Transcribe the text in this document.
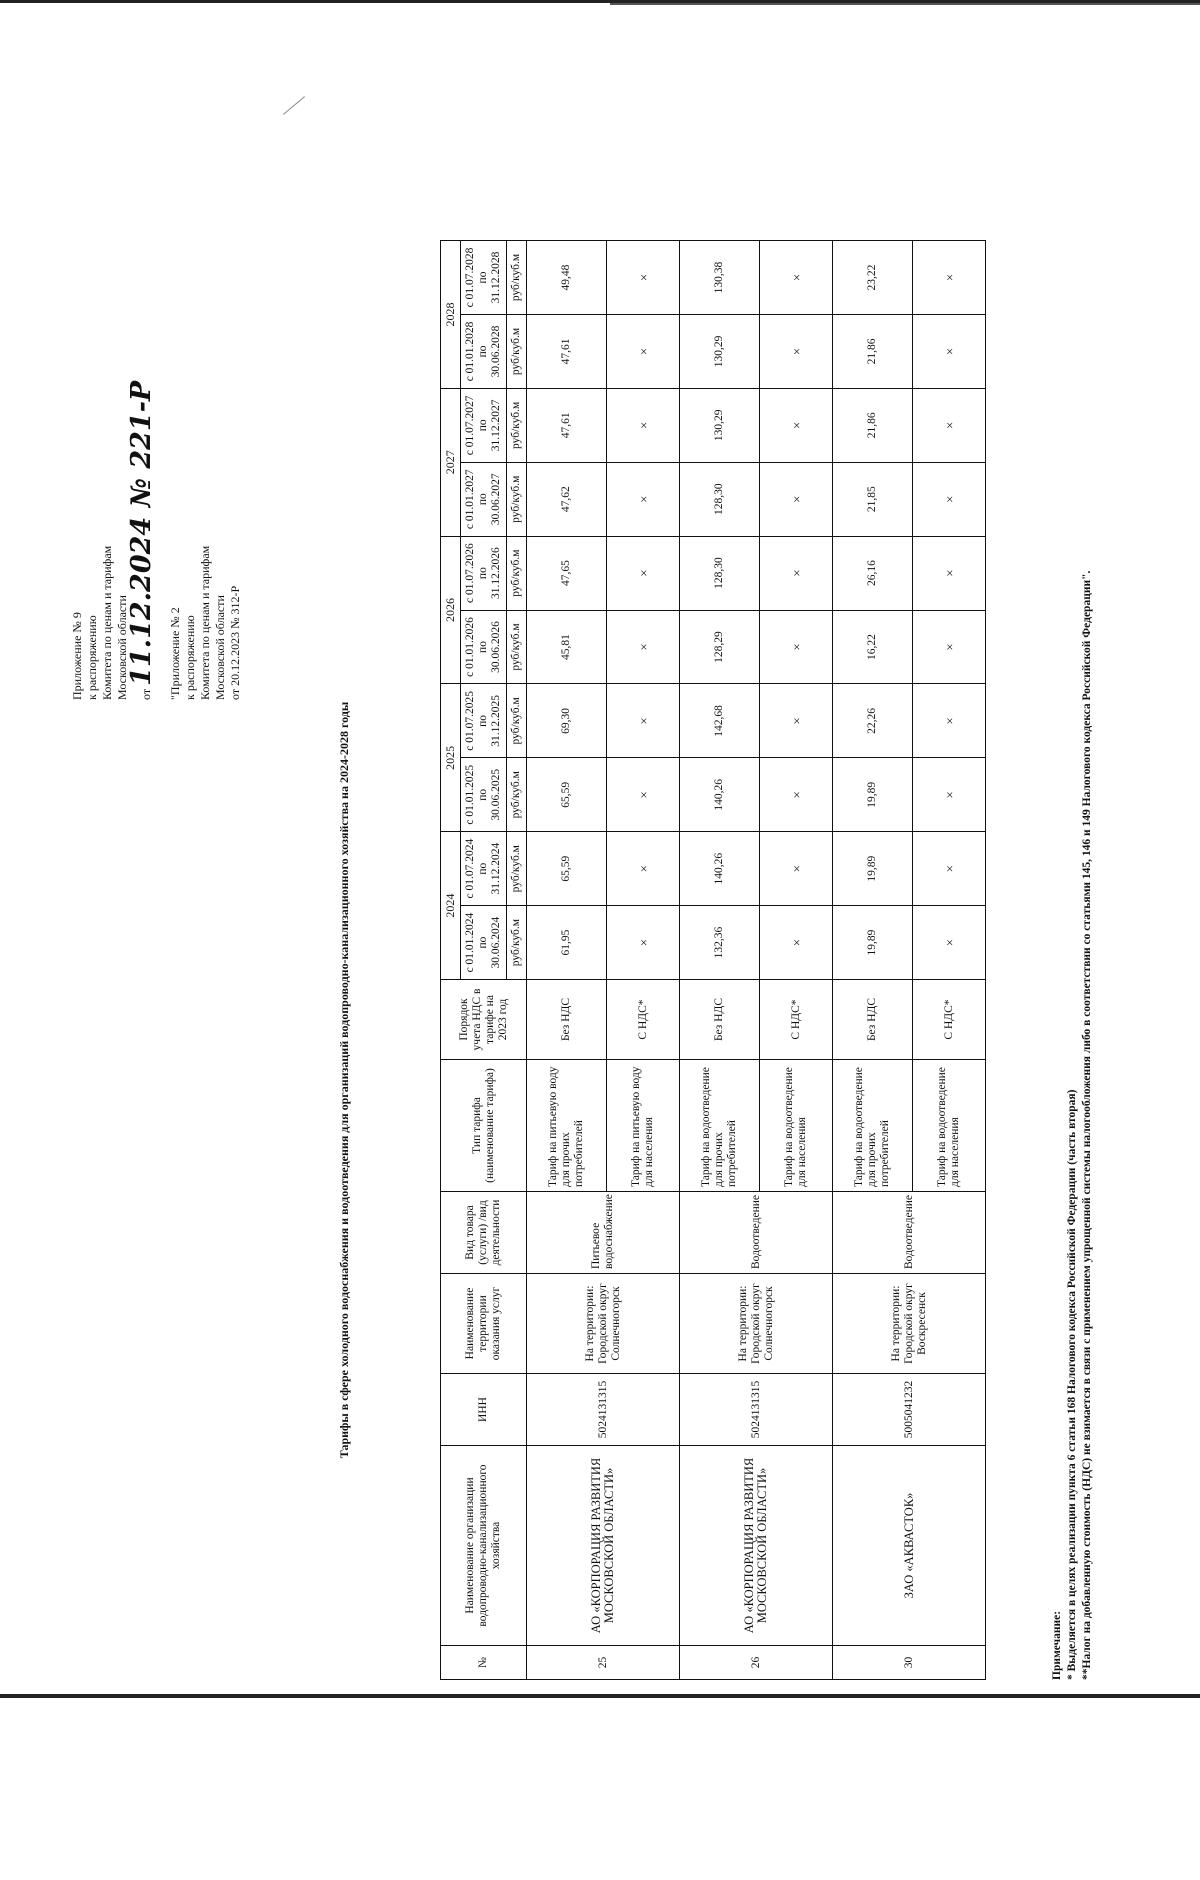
Приложение № 9 к распоряжению Комитета по ценам и тарифам Московской области от 11.12.2024 № 221-Р "Приложение № 2 к распоряжению Комитета по ценам и тарифам Московской области от 20.12.2023 № 312-Р
Тарифы в сфере холодного водоснабжения и водоотведения для организаций водопроводно-канализационного хозяйства на 2024-2028 годы
№	Наименование организации водопроводно-канализационного хозяйства	ИНН	Наименование территории оказания услуг	Вид товара (услуги) /вид деятельности	Тип тарифа (наименование тарифа)	Порядок учета НДС в тарифе на 2023 год	2024		2025		2026		2027		2028	
							с 01.01.2024 по 30.06.2024	с 01.07.2024 по 31.12.2024	с 01.01.2025 по 30.06.2025	с 01.07.2025 по 31.12.2025	с 01.01.2026 по 30.06.2026	с 01.07.2026 по 31.12.2026	с 01.01.2027 по 30.06.2027	с 01.07.2027 по 31.12.2027	с 01.01.2028 по 30.06.2028	с 01.07.2028 по 31.12.2028
							руб/куб.м	руб/куб.м	руб/куб.м	руб/куб.м	руб/куб.м	руб/куб.м	руб/куб.м	руб/куб.м	руб/куб.м	руб/куб.м
25	АО «КОРПОРАЦИЯ РАЗВИТИЯ МОСКОВСКОЙ ОБЛАСТИ»	5024131315	На территории: Городской округ Солнечногорск	Питьевое водоснабжение	Тариф на питьевую воду для прочих потребителей	Без НДС	61,95	65,59	65,59	69,30	45,81	47,65	47,62	47,61	47,61	49,48
					Тариф на питьевую воду для населения	С НДС*	×	×	×	×	×	×	×	×	×	×
26	АО «КОРПОРАЦИЯ РАЗВИТИЯ МОСКОВСКОЙ ОБЛАСТИ»	5024131315	На территории: Городской округ Солнечногорск	Водоотведение	Тариф на водоотведение для прочих потребителей	Без НДС	132,36	140,26	140,26	142,68	128,29	128,30	128,30	130,29	130,29	130,38
					Тариф на водоотведение для населения	С НДС*	×	×	×	×	×	×	×	×	×	×
30	ЗАО «АКВАСТОК»	5005041232	На территории: Городской округ Воскресенск	Водоотведение	Тариф на водоотведение для прочих потребителей	Без НДС	19,89	19,89	19,89	22,26	16,22	26,16	21,85	21,86	21,86	23,22
					Тариф на водоотведение для населения	С НДС*	×	×	×	×	×	×	×	×	×	×
Примечание: * Выделяется в целях реализации пункта 6 статьи 168 Налогового кодекса Российской Федерации (часть вторая) **Налог на добавленную стоимость (НДС) не взимается в связи с применением упрощенной системы налогообложения либо в соответствии со статьями 145, 146 и 149 Налогового кодекса Российской Федерации".
